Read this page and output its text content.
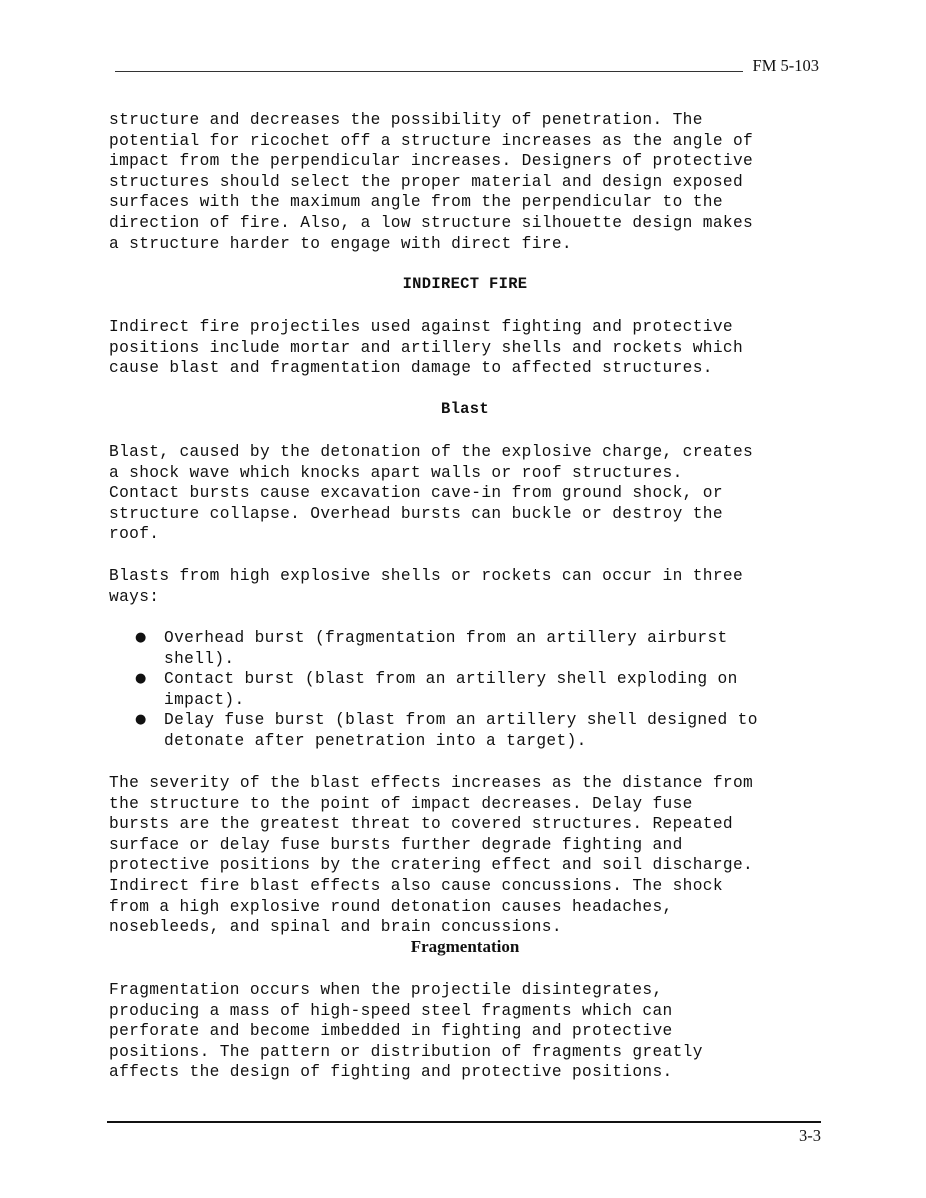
FM 5-103

structure and decreases the possibility of penetration. The
potential for ricochet off a structure increases as the angle of
impact from the perpendicular increases. Designers of protective
structures should select the proper material and design exposed
surfaces with the maximum angle from the perpendicular to the
direction of fire. Also, a low structure silhouette design makes
a structure harder to engage with direct fire.

INDIRECT FIRE

Indirect fire projectiles used against fighting and protective
positions include mortar and artillery shells and rockets which
cause blast and fragmentation damage to affected structures.

Blast

Blast, caused by the detonation of the explosive charge, creates
a shock wave which knocks apart walls or roof structures.
Contact bursts cause excavation cave-in from ground shock, or
structure collapse. Overhead bursts can buckle or destroy the
roof.

Blasts from high explosive shells or rockets can occur in three
ways:

● Overhead burst (fragmentation from an artillery airburst
shell).
● Contact burst (blast from an artillery shell exploding on
impact).
● Delay fuse burst (blast from an artillery shell designed to
detonate after penetration into a target).

The severity of the blast effects increases as the distance from
the structure to the point of impact decreases. Delay fuse
bursts are the greatest threat to covered structures. Repeated
surface or delay fuse bursts further degrade fighting and
protective positions by the cratering effect and soil discharge.
Indirect fire blast effects also cause concussions. The shock
from a high explosive round detonation causes headaches,
nosebleeds, and spinal and brain concussions.

Fragmentation

Fragmentation occurs when the projectile disintegrates,
producing a mass of high-speed steel fragments which can
perforate and become imbedded in fighting and protective
positions. The pattern or distribution of fragments greatly
affects the design of fighting and protective positions.

3-3
